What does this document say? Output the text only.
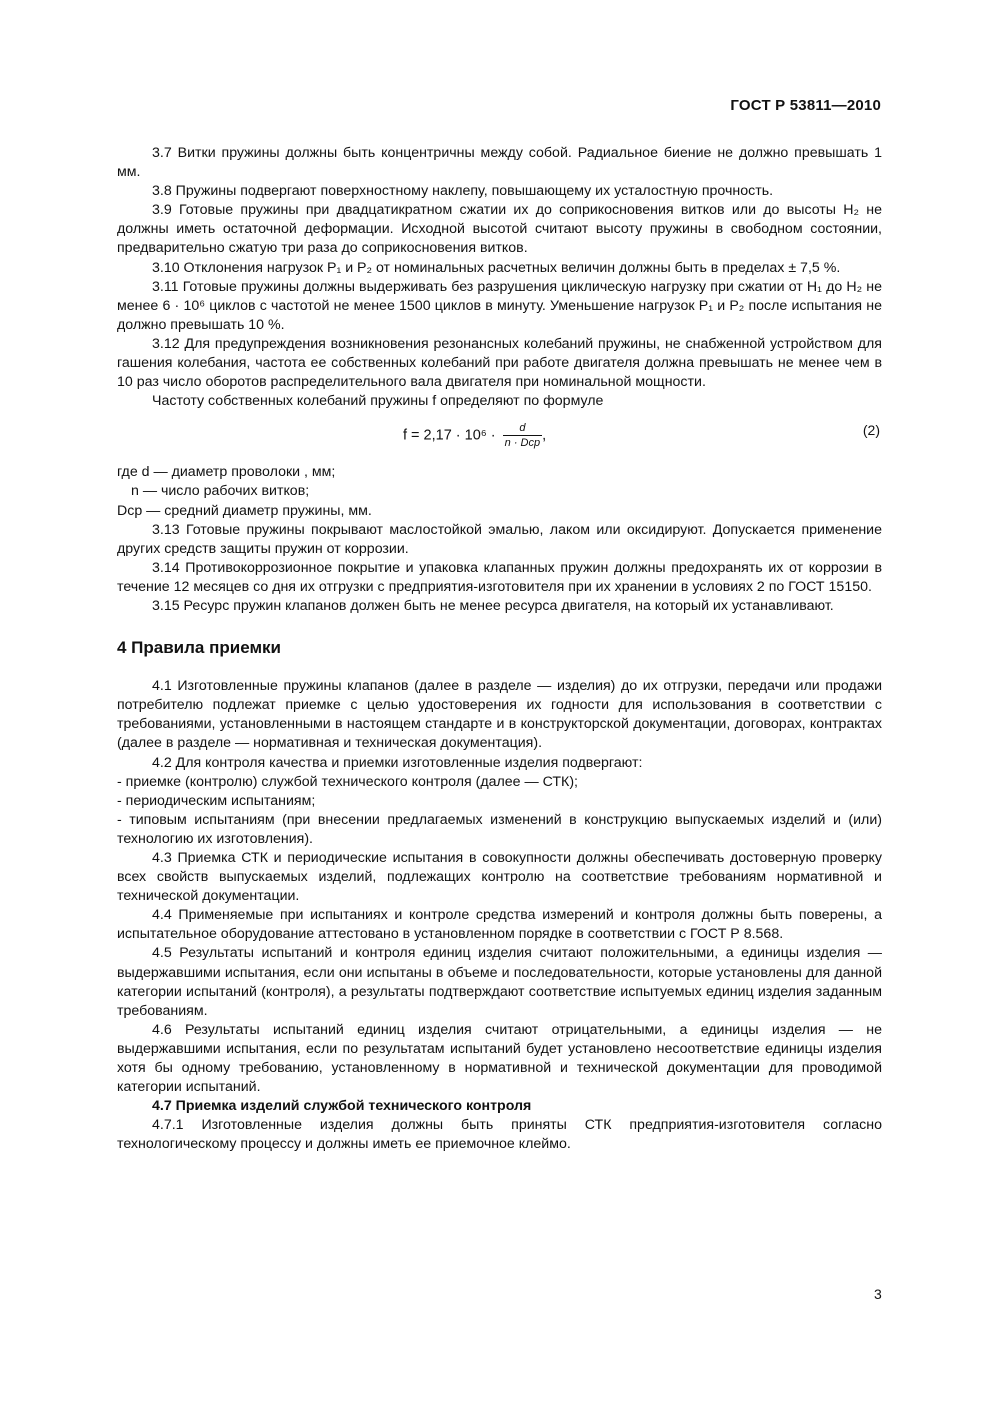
ГОСТ Р 53811—2010

3.7 Витки пружины должны быть концентричны между собой. Радиальное биение не должно превышать 1 мм.

3.8 Пружины подвергают поверхностному наклепу, повышающему их усталостную прочность.

3.9 Готовые пружины при двадцатикратном сжатии их до соприкосновения витков или до высоты H₂ не должны иметь остаточной деформации. Исходной высотой считают высоту пружины в свободном состоянии, предварительно сжатую три раза до соприкосновения витков.

3.10 Отклонения нагрузок P₁ и P₂ от номинальных расчетных величин должны быть в пределах ± 7,5 %.

3.11 Готовые пружины должны выдерживать без разрушения циклическую нагрузку при сжатии от H₁ до H₂ не менее 6 · 10⁶ циклов с частотой не менее 1500 циклов в минуту. Уменьшение нагрузок P₁ и P₂ после испытания не должно превышать 10 %.

3.12 Для предупреждения возникновения резонансных колебаний пружины, не снабженной устройством для гашения колебания, частота ее собственных колебаний при работе двигателя должна превышать не менее чем в 10 раз число оборотов распределительного вала двигателя при номинальной мощности.

Частоту собственных колебаний пружины f определяют по формуле

$f = 2,17 \cdot 10^6 \cdot \frac{d}{\text{n · Dср}}$ ,	(2)

где d — диаметр проволоки , мм;

n — число рабочих витков;

Dср — средний диаметр пружины, мм.

3.13 Готовые пружины покрывают маслостойкой эмалью, лаком или оксидируют. Допускается применение других средств защиты пружин от коррозии.

3.14 Противокоррозионное покрытие и упаковка клапанных пружин должны предохранять их от коррозии в течение 12 месяцев со дня их отгрузки с предприятия-изготовителя при их хранении в условиях 2 по ГОСТ 15150.

3.15 Ресурс пружин клапанов должен быть не менее ресурса двигателя, на который их устанавливают.

4 Правила приемки

4.1 Изготовленные пружины клапанов (далее в разделе — изделия) до их отгрузки, передачи или продажи потребителю подлежат приемке с целью удостоверения их годности для использования в соответствии с требованиями, установленными в настоящем стандарте и в конструкторской документации, договорах, контрактах (далее в разделе — нормативная и техническая документация).

4.2 Для контроля качества и приемки изготовленные изделия подвергают:

- приемке (контролю) службой технического контроля (далее — СТК);

- периодическим испытаниям;

- типовым испытаниям (при внесении предлагаемых изменений в конструкцию выпускаемых изделий и (или) технологию их изготовления).

4.3 Приемка СТК и периодические испытания в совокупности должны обеспечивать достоверную проверку всех свойств выпускаемых изделий, подлежащих контролю на соответствие требованиям нормативной и технической документации.

4.4 Применяемые при испытаниях и контроле средства измерений и контроля должны быть поверены, а испытательное оборудование аттестовано в установленном порядке в соответствии с ГОСТ Р 8.568.

4.5 Результаты испытаний и контроля единиц изделия считают положительными, а единицы изделия — выдержавшими испытания, если они испытаны в объеме и последовательности, которые установлены для данной категории испытаний (контроля), а результаты подтверждают соответствие испытуемых единиц изделия заданным требованиям.

4.6 Результаты испытаний единиц изделия считают отрицательными, а единицы изделия — не выдержавшими испытания, если по результатам испытаний будет установлено несоответствие единицы изделия хотя бы одному требованию, установленному в нормативной и технической документации для проводимой категории испытаний.

4.7 Приемка изделий службой технического контроля

4.7.1 Изготовленные изделия должны быть приняты СТК предприятия-изготовителя согласно технологическому процессу и должны иметь ее приемочное клеймо.

3
